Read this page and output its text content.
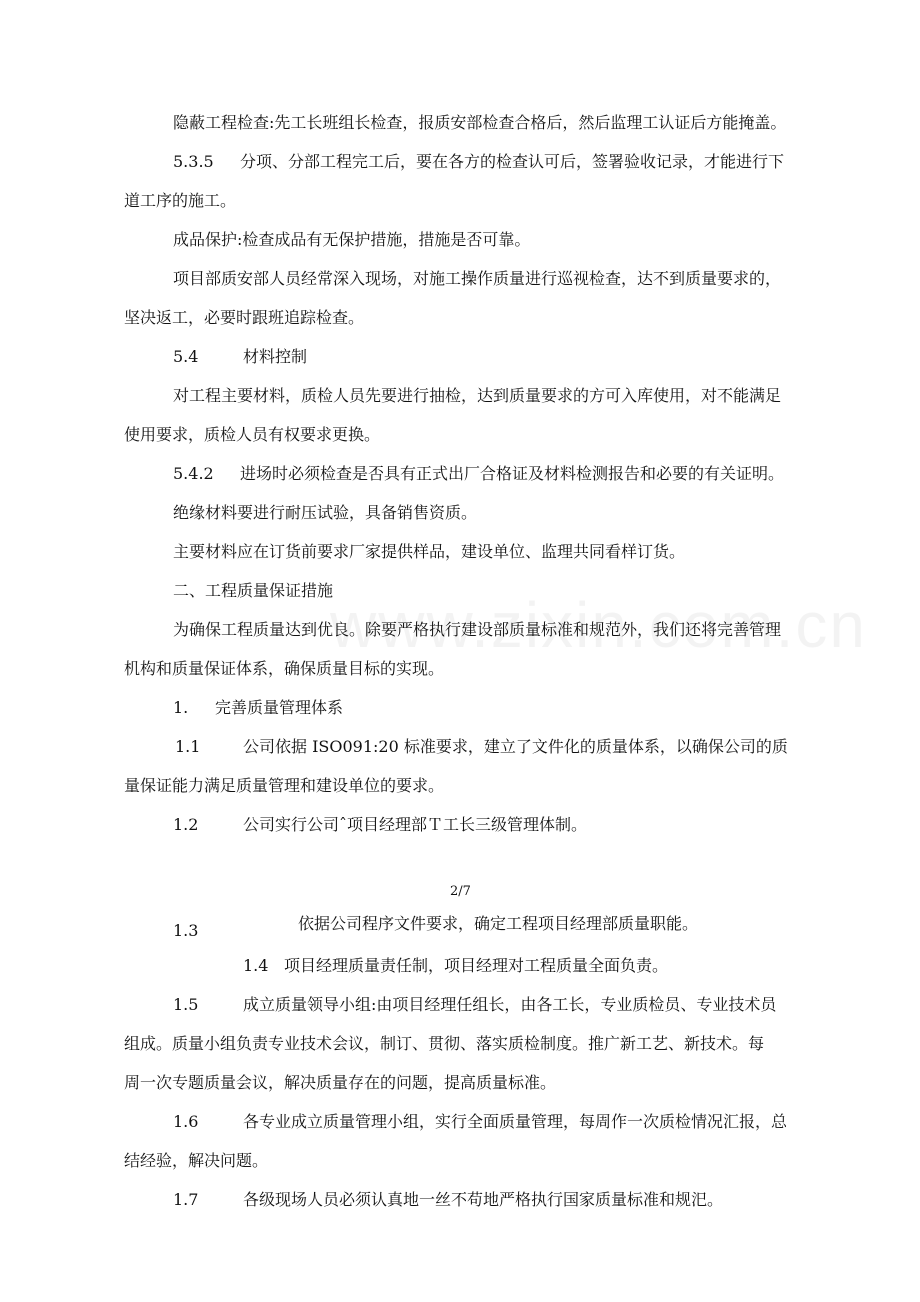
隐蔽工程检查:先工长班组长检查，报质安部检查合格后，然后监理工认证后方能掩盖。
5.3.5 分项、分部工程完工后，要在各方的检查认可后，签署验收记录，才能进行下
道工序的施工。
成品保护:检查成品有无保护措施，措施是否可靠。
项目部质安部人员经常深入现场，对施工操作质量进行巡视检查，达不到质量要求的，
坚决返工，必要时跟班追踪检查。
5.4	材料控制
对工程主要材料，质检人员先要进行抽检，达到质量要求的方可入库使用，对不能满足
使用要求，质检人员有权要求更换。
5.4.2 进场时必须检查是否具有正式出厂合格证及材料检测报告和必要的有关证明。
绝缘材料要进行耐压试验，具备销售资质。
主要材料应在订货前要求厂家提供样品，建设单位、监理共同看样订货。
二、工程质量保证措施
为确保工程质量达到优良。除要严格执行建设部质量标准和规范外，我们还将完善管理
机构和质量保证体系，确保质量目标的实现。
1. 完善质量管理体系
1.1	公司依据 ISO091:20 标准要求，建立了文件化的质量体系，以确保公司的质
量保证能力满足质量管理和建设单位的要求。
1.2	公司实行公司ˆ项目经理部Ｔ工长三级管理体制。
2/7
1.3	依据公司程序文件要求，确定工程项目经理部质量职能。
1.4 项目经理质量责任制，项目经理对工程质量全面负责。
1.5	成立质量领导小组:由项目经理任组长，由各工长，专业质检员、专业技术员
组成。质量小组负责专业技术会议，制订、贯彻、落实质检制度。推广新工艺、新技术。每
周一次专题质量会议，解决质量存在的问题，提高质量标准。
1.6	各专业成立质量管理小组，实行全面质量管理，每周作一次质检情况汇报，总
结经验，解决问题。
1.7	各级现场人员必须认真地一丝不苟地严格执行国家质量标准和规汜。
